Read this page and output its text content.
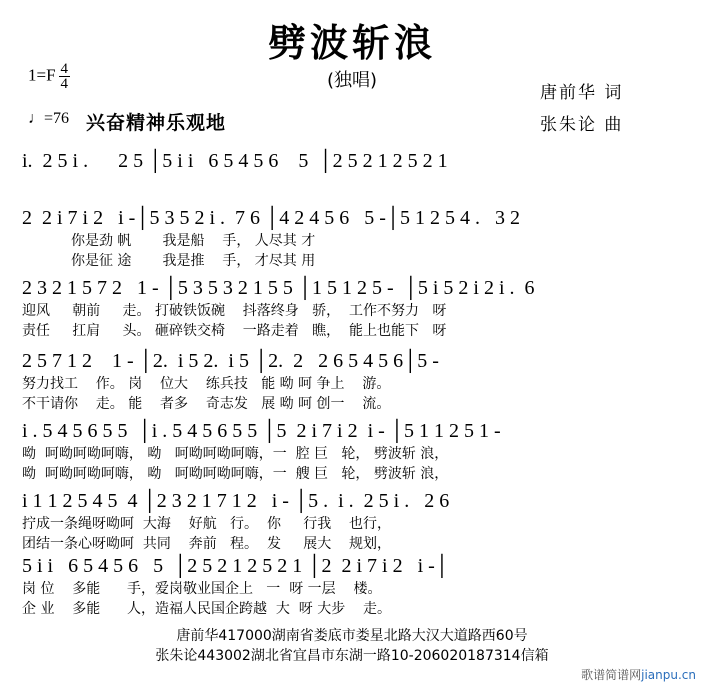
劈波斩浪
(独唱)
$1=F \frac{4}{4}$
♩=76 兴奋精神乐观地
唐前华 词
张朱论 曲
i.  2 5 i .      2 5 │5 i i   6 5 4 5 6    5  │2 5 2 1 2 5 2 1
2  2 i 7 i 2   i -│5 3 5 2 i .  7 6 │4 2 4 5 6   5 -│5 1 2 5 4 .   3 2
你是劲 帆       我是船    手， 人尽其 才
你是征 途       我是推    手， 才尽其 用
2 3 2 1 5 7 2   1 - │5 3 5 3 2 1 5 5 │1 5 1 2 5 -  │5 i 5 2 i 2 i .  6
迎风     朝前     走。 打破铁饭碗    抖落终身   骄，  工作不努力   呀
责任     扛肩     头。 砸碎铁交椅    一路走着   瞧，  能上也能下   呀
2 5 7 1 2    1 - │2.  i 5 2.  i 5 │2.  2   2 6 5 4 5 6│5 -
努力找工    作。 岗    位大    练兵技   能 呦 呵 争上    游。
不干请你    走。 能    者多    奇志发   展 呦 呵 创一    流。
i . 5 4 5 6 5 5  │i . 5 4 5 6 5 5 │5  2 i 7 i 2  i - │5 1 1 2 5 1 -
呦  呵呦呵呦呵嗨， 呦   呵呦呵呦呵嗨，一  腔 巨   轮， 劈波斩 浪，
呦  呵呦呵呦呵嗨， 呦   呵呦呵呦呵嗨，一  艘 巨   轮， 劈波斩 浪，
i 1 1 2 5 4 5  4 │2 3 2 1 7 1 2   i - │5 .  i .  2 5 i .   2 6
拧成一条绳呀呦呵  大海    好航   行。  你     行我    也行，
团结一条心呀呦呵  共同    奔前   程。  发     展大    规划，
5 i i   6 5 4 5 6   5  │2 5 2 1 2 5 2 1 │2  2 i 7 i 2   i -│
岗 位    多能      手，爱岗敬业国企上   一  呀 一层    楼。
企 业    多能      人，造福人民国企跨越  大  呀 大步    走。
唐前华417000湖南省娄底市娄星北路大汉大道路西60号
张朱论443002湖北省宜昌市东湖一路10-206020187314信箱
歌谱简谱网jianpu.cn
